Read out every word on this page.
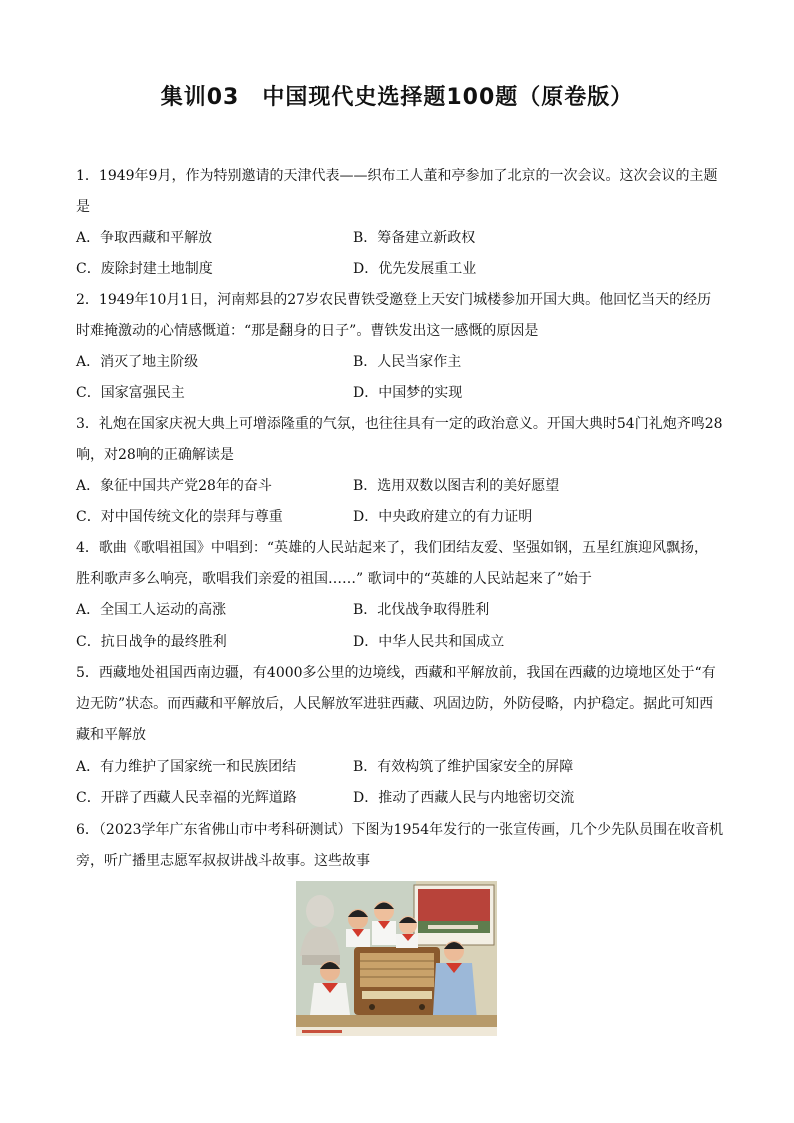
集训03　中国现代史选择题100题（原卷版）
1．1949年9月，作为特别邀请的天津代表——织布工人董和亭参加了北京的一次会议。这次会议的主题
是
A．争取西藏和平解放	B．筹备建立新政权
C．废除封建土地制度	D．优先发展重工业
2．1949年10月1日，河南郏县的27岁农民曹铁受邀登上天安门城楼参加开国大典。他回忆当天的经历
时难掩激动的心情感慨道：“那是翻身的日子”。曹铁发出这一感慨的原因是
A．消灭了地主阶级	B．人民当家作主
C．国家富强民主	D．中国梦的实现
3．礼炮在国家庆祝大典上可增添隆重的气氛，也往往具有一定的政治意义。开国大典时54门礼炮齐鸣28
响，对28响的正确解读是
A．象征中国共产党28年的奋斗	B．选用双数以图吉利的美好愿望
C．对中国传统文化的崇拜与尊重	D．中央政府建立的有力证明
4．歌曲《歌唱祖国》中唱到：“英雄的人民站起来了，我们团结友爱、坚强如钢，五星红旗迎风飘扬，
胜利歌声多么响亮，歌唱我们亲爱的祖国……” 歌词中的“英雄的人民站起来了”始于
A．全国工人运动的高涨	B．北伐战争取得胜利
C．抗日战争的最终胜利	D．中华人民共和国成立
5．西藏地处祖国西南边疆，有4000多公里的边境线，西藏和平解放前，我国在西藏的边境地区处于“有
边无防”状态。而西藏和平解放后，人民解放军进驻西藏、巩固边防，外防侵略，内护稳定。据此可知西
藏和平解放
A．有力维护了国家统一和民族团结	B．有效构筑了维护国家安全的屏障
C．开辟了西藏人民幸福的光辉道路	D．推动了西藏人民与内地密切交流
6．（2023学年广东省佛山市中考科研测试）下图为1954年发行的一张宣传画，几个少先队员围在收音机
旁，听广播里志愿军叔叔讲战斗故事。这些故事
